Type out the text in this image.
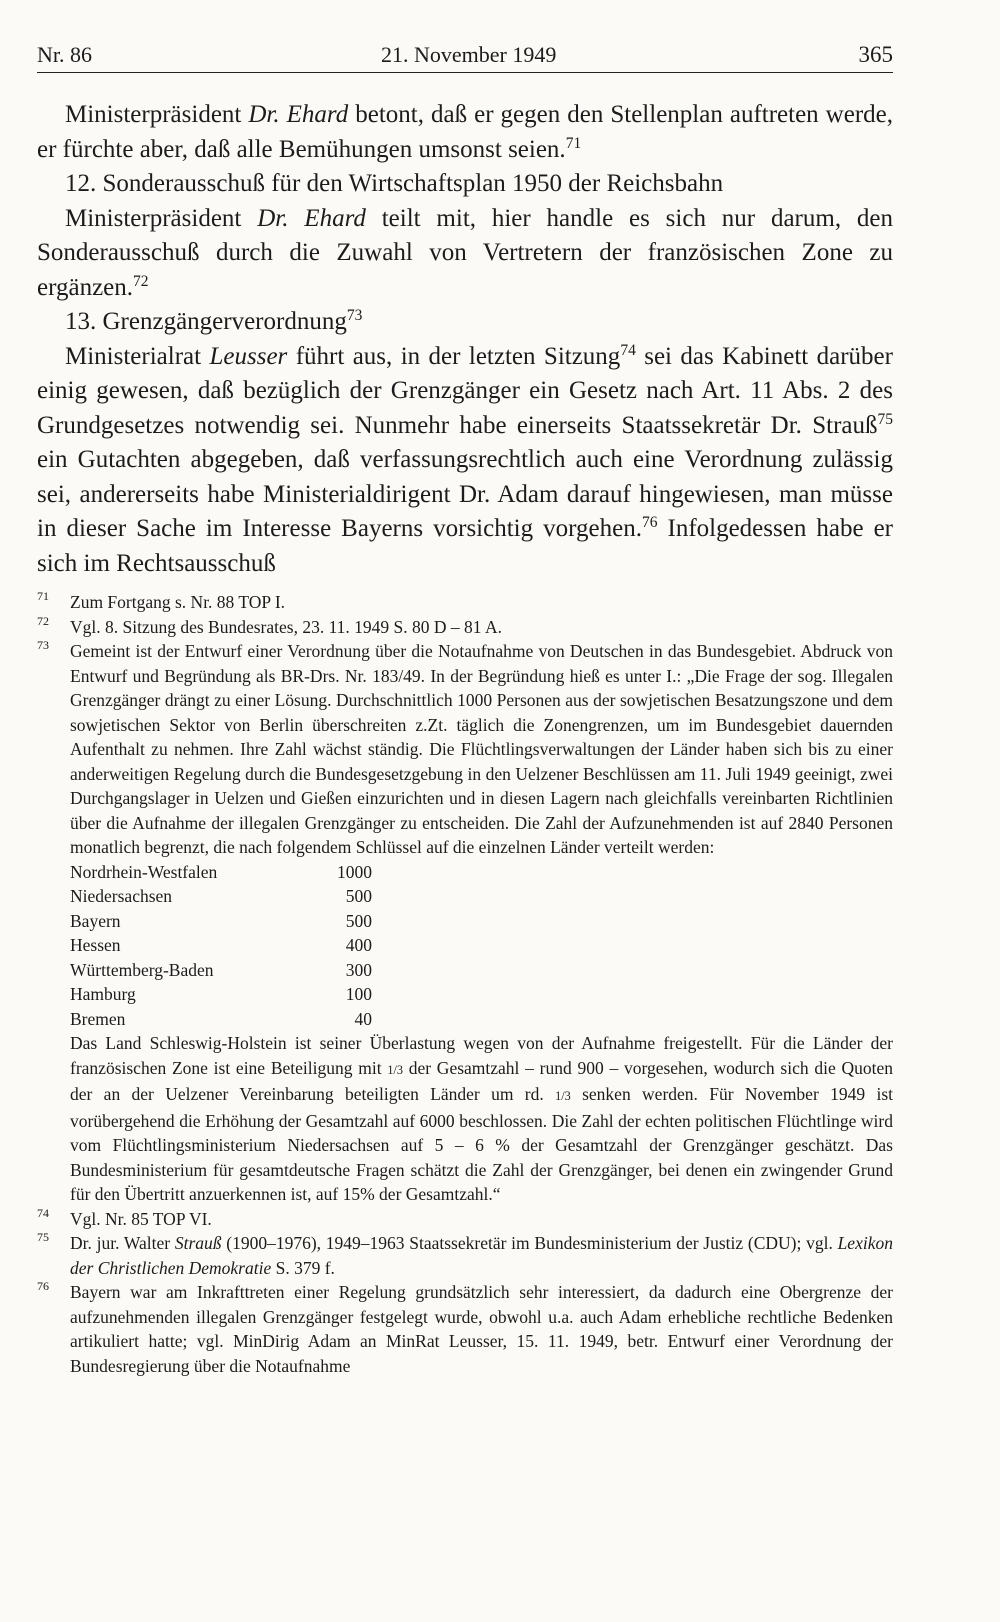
Nr. 86	21. November 1949	365

Ministerpräsident Dr. Ehard betont, daß er gegen den Stellenplan auftreten werde, er fürchte aber, daß alle Bemühungen umsonst seien.$^{71}$

12. Sonderausschuß für den Wirtschaftsplan 1950 der Reichsbahn

Ministerpräsident Dr. Ehard teilt mit, hier handle es sich nur darum, den Sonderausschuß durch die Zuwahl von Vertretern der französischen Zone zu ergänzen.$^{72}$

13. Grenzgängerverordnung$^{73}$

Ministerialrat Leusser führt aus, in der letzten Sitzung$^{74}$ sei das Kabinett darüber einig gewesen, daß bezüglich der Grenzgänger ein Gesetz nach Art. 11 Abs. 2 des Grundgesetzes notwendig sei. Nunmehr habe einerseits Staatssekretär Dr. Strauß$^{75}$ ein Gutachten abgegeben, daß verfassungsrechtlich auch eine Verordnung zulässig sei, andererseits habe Ministerialdirigent Dr. Adam darauf hingewiesen, man müsse in dieser Sache im Interesse Bayerns vorsichtig vorgehen.$^{76}$ Infolgedessen habe er sich im Rechtsausschuß

71 Zum Fortgang s. Nr. 88 TOP I.
72 Vgl. 8. Sitzung des Bundesrates, 23. 11. 1949 S. 80 D – 81 A.
73 Gemeint ist der Entwurf einer Verordnung über die Notaufnahme von Deutschen in das Bundesgebiet. Abdruck von Entwurf und Begründung als BR-Drs. Nr. 183/49. In der Begründung hieß es unter I.: „Die Frage der sog. Illegalen Grenzgänger drängt zu einer Lösung. Durchschnittlich 1000 Personen aus der sowjetischen Besatzungszone und dem sowjetischen Sektor von Berlin überschreiten z.Zt. täglich die Zonengrenzen, um im Bundesgebiet dauernden Aufenthalt zu nehmen. Ihre Zahl wächst ständig. Die Flüchtlingsverwaltungen der Länder haben sich bis zu einer anderweitigen Regelung durch die Bundesgesetzgebung in den Uelzener Beschlüssen am 11. Juli 1949 geeinigt, zwei Durchgangslager in Uelzen und Gießen einzurichten und in diesen Lagern nach gleichfalls vereinbarten Richtlinien über die Aufnahme der illegalen Grenzgänger zu entscheiden. Die Zahl der Aufzunehmenden ist auf 2840 Personen monatlich begrenzt, die nach folgendem Schlüssel auf die einzelnen Länder verteilt werden:
Nordrhein-Westfalen	1000
Niedersachsen	500
Bayern	500
Hessen	400
Württemberg-Baden	300
Hamburg	100
Bremen	40
Das Land Schleswig-Holstein ist seiner Überlastung wegen von der Aufnahme freigestellt. Für die Länder der französischen Zone ist eine Beteiligung mit 1/3 der Gesamtzahl – rund 900 – vorgesehen, wodurch sich die Quoten der an der Uelzener Vereinbarung beteiligten Länder um rd. 1/3 senken werden. Für November 1949 ist vorübergehend die Erhöhung der Gesamtzahl auf 6000 beschlossen. Die Zahl der echten politischen Flüchtlinge wird vom Flüchtlingsministerium Niedersachsen auf 5 – 6 % der Gesamtzahl der Grenzgänger geschätzt. Das Bundesministerium für gesamtdeutsche Fragen schätzt die Zahl der Grenzgänger, bei denen ein zwingender Grund für den Übertritt anzuerkennen ist, auf 15% der Gesamtzahl.“
74 Vgl. Nr. 85 TOP VI.
75 Dr. jur. Walter Strauß (1900–1976), 1949–1963 Staatssekretär im Bundesministerium der Justiz (CDU); vgl. Lexikon der Christlichen Demokratie S. 379 f.
76 Bayern war am Inkrafttreten einer Regelung grundsätzlich sehr interessiert, da dadurch eine Obergrenze der aufzunehmenden illegalen Grenzgänger festgelegt wurde, obwohl u.a. auch Adam erhebliche rechtliche Bedenken artikuliert hatte; vgl. MinDirig Adam an MinRat Leusser, 15. 11. 1949, betr. Entwurf einer Verordnung der Bundesregierung über die Notaufnahme
